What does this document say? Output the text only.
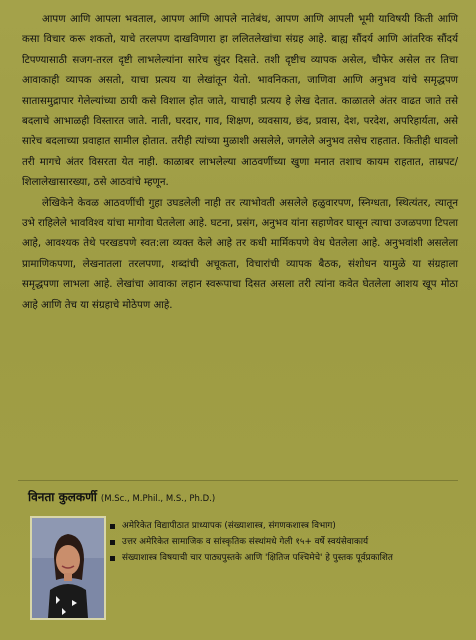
आपण आणि आपला भवताल, आपण आणि आपले नातेबंध, आपण आणि आपली भूमी याविषयी किती आणि कसा विचार करू शकतो, याचे तरलपण दाखविणारा हा ललितलेखांचा संग्रह आहे. बाह्य सौंदर्य आणि आंतरिक सौंदर्य टिपण्यासाठी सजग-तरल दृष्टी लाभलेल्यांना सारेच सुंदर दिसते. तशी दृष्टीच व्यापक असेल, चौफेर असेल तर तिचा आवाकाही व्यापक असतो, याचा प्रत्यय या लेखांतून येतो. भावनिकता, जाणिवा आणि अनुभव यांचे समृद्धपण सातासमुद्रापार गेलेल्यांच्या ठायी कसे विशाल होत जाते, याचाही प्रत्यय हे लेख देतात. काळातले अंतर वाढत जाते तसे बदलाचे आभाळही विस्तारत जाते. नाती, घरदार, गाव, शिक्षण, व्यवसाय, छंद, प्रवास, देश, परदेश, अपरिहार्यता, असे सारेच बदलाच्या प्रवाहात सामील होतात. तरीही त्यांच्या मुळाशी असलेले, जगलेले अनुभव तसेच राहतात. कितीही धावलो तरी मागचे अंतर विसरता येत नाही. काळाबर लाभलेल्या आठवणींच्या खुणा मनात तशाच कायम राहतात, ताम्रपट/शिलालेखासारख्या, ठसे आठवांचे म्हणून.

लेखिकेने केवळ आठवणींची गुहा उघडलेली नाही तर त्याभोवती असलेले हळुवारपण, स्निग्धता, स्थित्यंतर, त्यातून उभे राहिलेले भावविश्व यांचा मागोवा घेतलेला आहे. घटना, प्रसंग, अनुभव यांना सहाणेवर घासून त्याचा उजळपणा टिपला आहे, आवश्यक तेथे परखडपणे स्वत:ला व्यक्त केले आहे तर कधी मार्मिकपणे वेध घेतलेला आहे. अनुभवांशी असलेला प्रामाणिकपणा, लेखनातला तरलपणा, शब्दांची अचूकता, विचारांची व्यापक बैठक, संशोधन यामुळे या संग्रहाला समृद्धपणा लाभला आहे. लेखांचा आवाका लहान स्वरूपाचा दिसत असला तरी त्यांना कवेत घेतलेला आशय खूप मोठा आहे आणि तेच या संग्रहाचे मोठेपण आहे.

विनता कुलकर्णी (M.Sc., M.Phil., M.S., Ph.D.)
अमेरिकेत विद्यापीठात प्राध्यापक (संख्याशास्त्र, संगणकशास्त्र विभाग)
उत्तर अमेरिकेत सामाजिक व सांस्कृतिक संस्थांमधे गेली १५+ वर्षे स्वयंसेवाकार्य
संख्याशास्त्र विषयाची चार पाठ्यपुस्तके आणि 'क्षितिज पश्चिमेचे' हे पुस्तक पूर्वप्रकाशित
